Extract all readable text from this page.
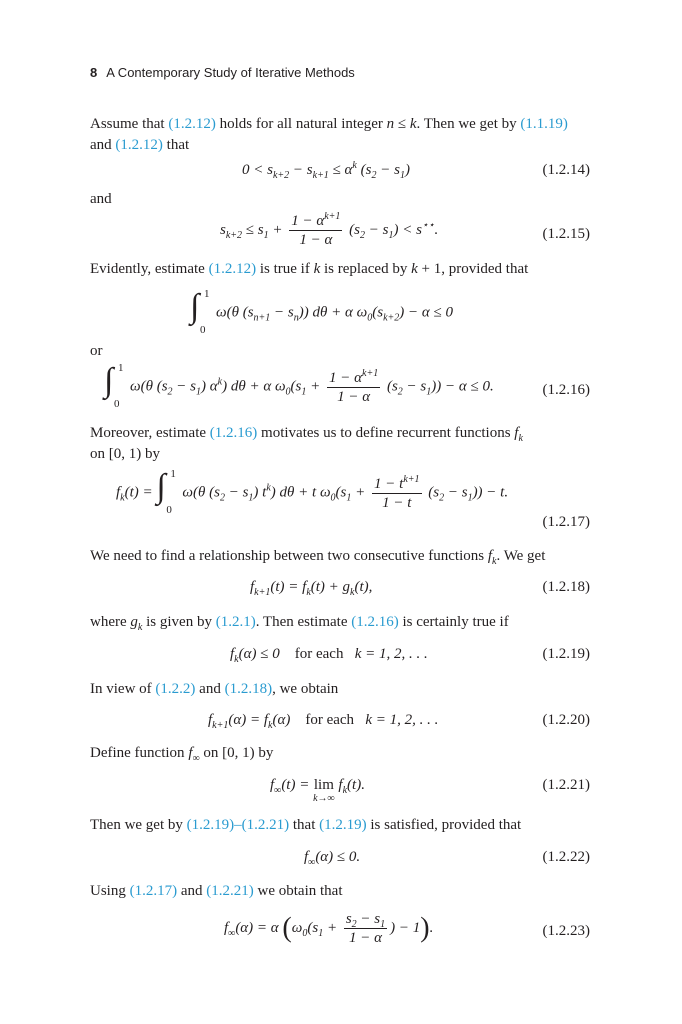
8 A Contemporary Study of Iterative Methods
Assume that (1.2.12) holds for all natural integer n ≤ k. Then we get by (1.1.19)
and (1.2.12) that
$0 < s_{k+2} - s_{k+1} \le \alpha^k$ $(s_2 - s_1)$	(1.2.14)
and
$s_{k+2} \le s_1 + \frac{1 - \alpha^{k+1}}{1 - \alpha} (s_2 - s_1) < s^{⋆⋆}$.	(1.2.15)
Evidently, estimate (1.2.12) is true if k is replaced by k + 1, provided that
∫ 1
0
ω(θ $(s_{n+1} - s_n)$) dθ + α $\omega_0(s_{k+2}) - \alpha \le 0$
or
∫ 1
0
ω(θ $(s_2 - s_1)$ $\alpha^k$) dθ + α $\omega_0(s_1 + \frac{1 - \alpha^{k+1}}{1 - \alpha} (s_2 - s_1)) - \alpha \le 0$.	(1.2.16)
Moreover, estimate (1.2.16) motivates us to define recurrent functions $f_k$
on [0, 1) by
$f_k(t)$ = ∫ 1
0
ω(θ $(s_2 - s_1)$ $t^k$) dθ + t $\omega_0(s_1 + \frac{1 - t^{k+1}}{1 - t} (s_2 - s_1)) - t$.
(1.2.17)
We need to find a relationship between two consecutive functions $f_k$. We get
$f_{k+1}(t) = f_k(t) + g_k(t)$,	(1.2.18)
where $g_k$ is given by (1.2.1). Then estimate (1.2.16) is certainly true if
$f_k(\alpha) \le 0$    for each k = 1, 2, . . .	(1.2.19)
In view of (1.2.2) and (1.2.18), we obtain
$f_{k+1}(\alpha) = f_k(\alpha)$    for each k = 1, 2, . . .	(1.2.20)
Define function $f_\infty$ on [0, 1) by
$f_\infty(t) = \lim$
k→∞
$f_k(t)$.	(1.2.21)
Then we get by (1.2.19)–(1.2.21) that (1.2.19) is satisfied, provided that
$f_\infty(\alpha) \le 0$.	(1.2.22)
Using (1.2.17) and (1.2.21) we obtain that
$f_\infty(\alpha) = \alpha$ ($\omega_0(s_1 + \frac{s_2 - s_1}{1 - \alpha}$ ) − 1).	(1.2.23)
